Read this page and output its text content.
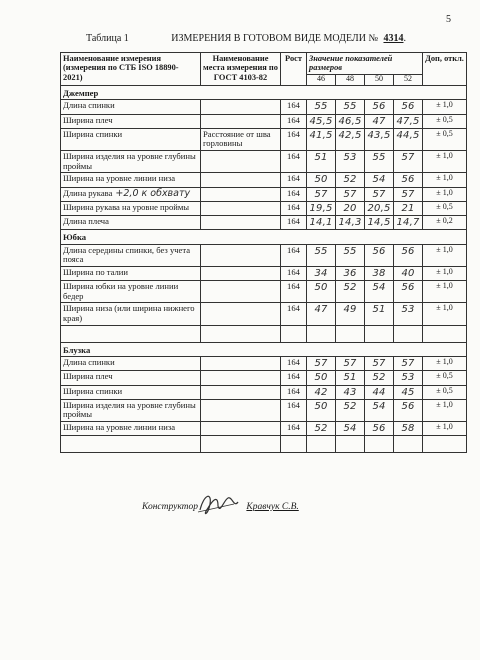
5
Таблица 1	ИЗМЕРЕНИЯ В ГОТОВОМ ВИДЕ МОДЕЛИ № 4314.
Наименование измерения (измерения по СТБ ISO 18890-2021)	Наименование места измерения по ГОСТ 4103-82	Рост	Значение показателей размеров				Доп, откл.
			46	48	50	52	
Джемпер							
Длина спинки		164	55	55	56	56	± 1,0
Ширина плеч		164	45,5	46,5	47	47,5	± 0,5
Ширина спинки	Расстояние от шва горловины	164	41,5	42,5	43,5	44,5	± 0,5
Ширина изделия на уровне глубины проймы		164	51	53	55	57	± 1,0
Ширина на уровне линии низа		164	50	52	54	56	± 1,0
Длина рукава +2,0 к обхвату		164	57	57	57	57	± 1,0
Ширина рукава на уровне проймы		164	19,5	20	20,5	21	± 0,5
Длина плеча		164	14,1	14,3	14,5	14,7	± 0,2
Юбка							
Длина середины спинки, без учета пояса		164	55	55	56	56	± 1,0
Ширина по талии		164	34	36	38	40	± 1,0
Ширина юбки на уровне линии бедер		164	50	52	54	56	± 1,0
Ширина низа (или ширина нижнего края)		164	47	49	51	53	± 1,0

Блузка							
Длина спинки		164	57	57	57	57	± 1,0
Ширина плеч		164	50	51	52	53	± 0,5
Ширина спинки		164	42	43	44	45	± 0,5
Ширина изделия на уровне глубины проймы		164	50	52	54	56	± 1,0
Ширина на уровне линии низа		164	52	54	56	58	± 1,0

Конструктор	Кравчук С.В.
